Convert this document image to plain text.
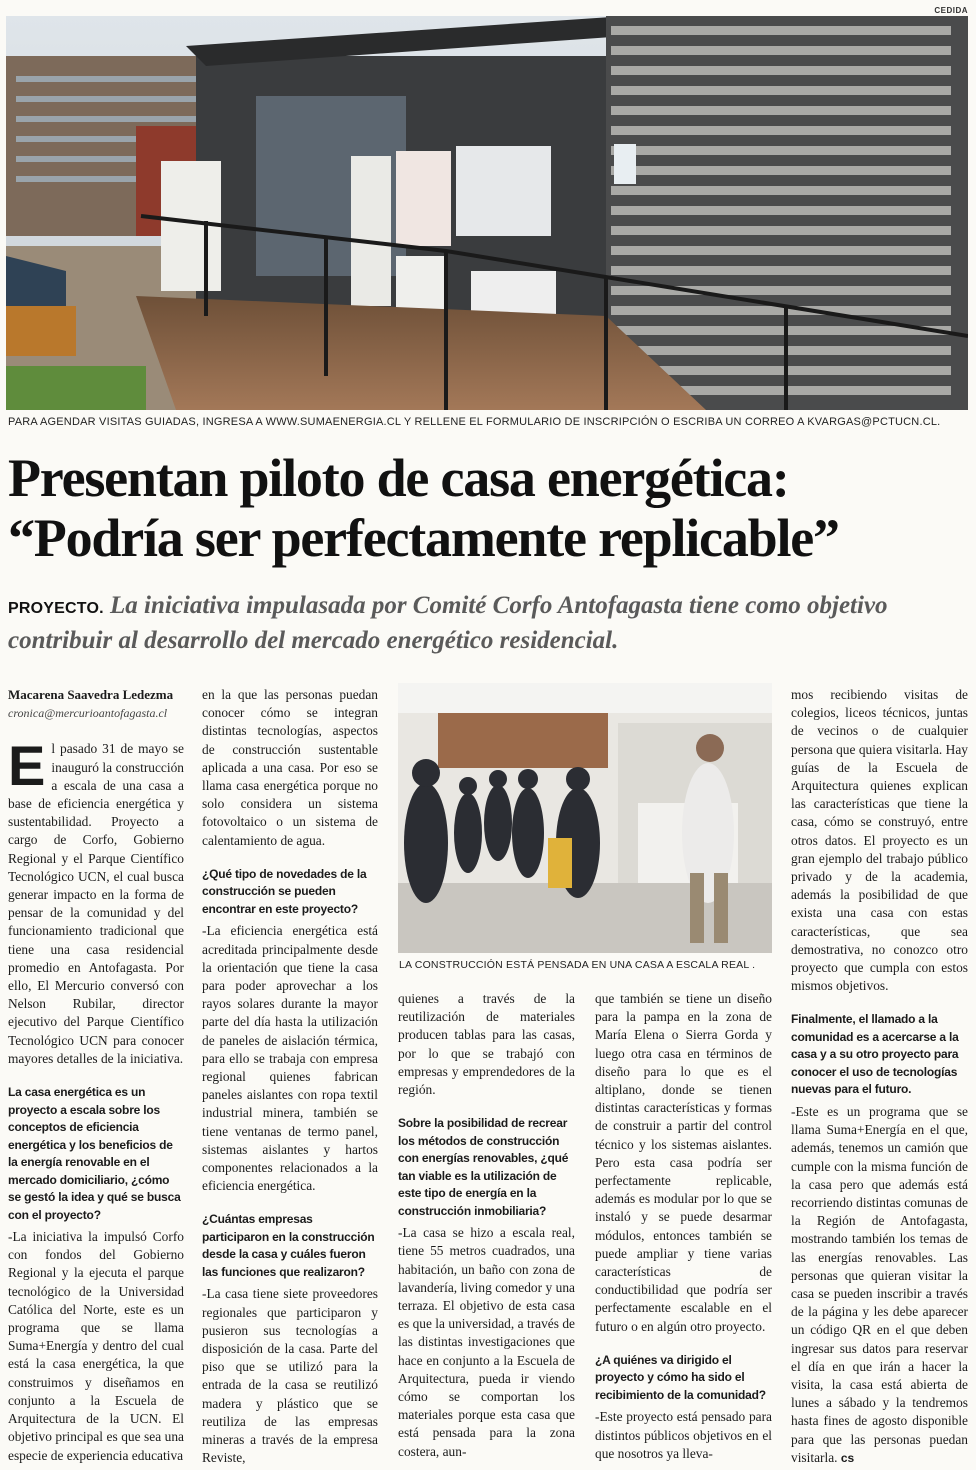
CEDIDA
PARA AGENDAR VISITAS GUIADAS, INGRESA A WWW.SUMAENERGIA.CL Y RELLENE EL FORMULARIO DE INSCRIPCIÓN O ESCRIBA UN CORREO A KVARGAS@PCTUCN.CL.
Presentan piloto de casa energética:
“Podría ser perfectamente replicable”
PROYECTO. La iniciativa impulasada por Comité Corfo Antofagasta tiene como objetivo contribuir al desarrollo del mercado energético residencial.

Macarena Saavedra Ledezma

cronica@mercurioantofagasta.cl

El pasado 31 de mayo se inauguró la construcción a escala de una casa a base de eficiencia energética y sustentabilidad. Proyecto a cargo de Corfo, Gobierno Regional y el Parque Científico Tecnológico UCN, el cual busca generar impacto en la forma de pensar de la comunidad y del funcionamiento tradicional que tiene una casa residencial promedio en Antofagasta. Por ello, El Mercurio conversó con Nelson Rubilar, director ejecutivo del Parque Científico Tecnológico UCN para conocer mayores detalles de la iniciativa.

La casa energética es un proyecto a escala sobre los conceptos de eficiencia energética y los beneficios de la energía renovable en el mercado domiciliario, ¿cómo se gestó la idea y qué se busca con el proyecto?

-La iniciativa la impulsó Corfo con fondos del Gobierno Regional y la ejecuta el parque tecnológico de la Universidad Católica del Norte, este es un programa que se llama Suma+Energía y dentro del cual está la casa energética, la que construimos y diseñamos en conjunto a la Escuela de Arquitectura de la UCN. El objetivo principal es que sea una especie de experiencia educativa

en la que las personas puedan conocer cómo se integran distintas tecnologías, aspectos de construcción sustentable aplicada a una casa. Por eso se llama casa energética porque no solo considera un sistema fotovoltaico o un sistema de calentamiento de agua.

¿Qué tipo de novedades de la construcción se pueden encontrar en este proyecto?

-La eficiencia energética está acreditada principalmente desde la orientación que tiene la casa para poder aprovechar a los rayos solares durante la mayor parte del día hasta la utilización de paneles de aislación térmica, para ello se trabaja con empresa regional quienes fabrican paneles aislantes con ropa textil industrial minera, también se tiene ventanas de termo panel, sistemas aislantes y hartos componentes relacionados a la eficiencia energética.

¿Cuántas empresas participaron en la construcción desde la casa y cuáles fueron las funciones que realizaron?

-La casa tiene siete proveedores regionales que participaron y pusieron sus tecnologías a disposición de la casa. Parte del piso que se utilizó para la entrada de la casa se reutilizó madera y plástico que se reutiliza de las empresas mineras a través de la empresa Reviste,

LA CONSTRUCCIÓN ESTÁ PENSADA EN UNA CASA A ESCALA REAL .

quienes a través de la reutilización de materiales producen tablas para las casas, por lo que se trabajó con empresas y emprendedores de la región.

Sobre la posibilidad de recrear los métodos de construcción con energías renovables, ¿qué tan viable es la utilización de este tipo de energía en la construcción inmobiliaria?

-La casa se hizo a escala real, tiene 55 metros cuadrados, una habitación, un baño con zona de lavandería, living comedor y una terraza. El objetivo de esta casa es que la universidad, a través de las distintas investigaciones que hace en conjunto a la Escuela de Arquitectura, pueda ir viendo cómo se comportan los materiales porque esta casa que está pensada para la zona costera, aun-

que también se tiene un diseño para la pampa en la zona de María Elena o Sierra Gorda y luego otra casa en términos de diseño para lo que es el altiplano, donde se tienen distintas características y formas de construir a partir del control técnico y los sistemas aislantes. Pero esta casa podría ser perfectamente replicable, además es modular por lo que se instaló y se puede desarmar módulos, entonces también se puede ampliar y tiene varias características de conductibilidad que podría ser perfectamente escalable en el futuro o en algún otro proyecto.

¿A quiénes va dirigido el proyecto y cómo ha sido el recibimiento de la comunidad?

-Este proyecto está pensado para distintos públicos objetivos en el que nosotros ya lleva-

mos recibiendo visitas de colegios, liceos técnicos, juntas de vecinos o de cualquier persona que quiera visitarla. Hay guías de la Escuela de Arquitectura quienes explican las características que tiene la casa, cómo se construyó, entre otros datos. El proyecto es un gran ejemplo del trabajo público privado y de la academia, además la posibilidad de que exista una casa con estas características, que sea demostrativa, no conozco otro proyecto que cumpla con estos mismos objetivos.

Finalmente, el llamado a la comunidad es a acercarse a la casa y a su otro proyecto para conocer el uso de tecnologías nuevas para el futuro.

-Este es un programa que se llama Suma+Energía en el que, además, tenemos un camión que cumple con la misma función de la casa pero que además está recorriendo distintas comunas de la Región de Antofagasta, mostrando también los temas de las energías renovables. Las personas que quieran visitar la casa se pueden inscribir a través de la página y les debe aparecer un código QR en el que deben ingresar sus datos para reservar el día en que irán a hacer la visita, la casa está abierta de lunes a sábado y la tendremos hasta fines de agosto disponible para que las personas puedan visitarla. cs
